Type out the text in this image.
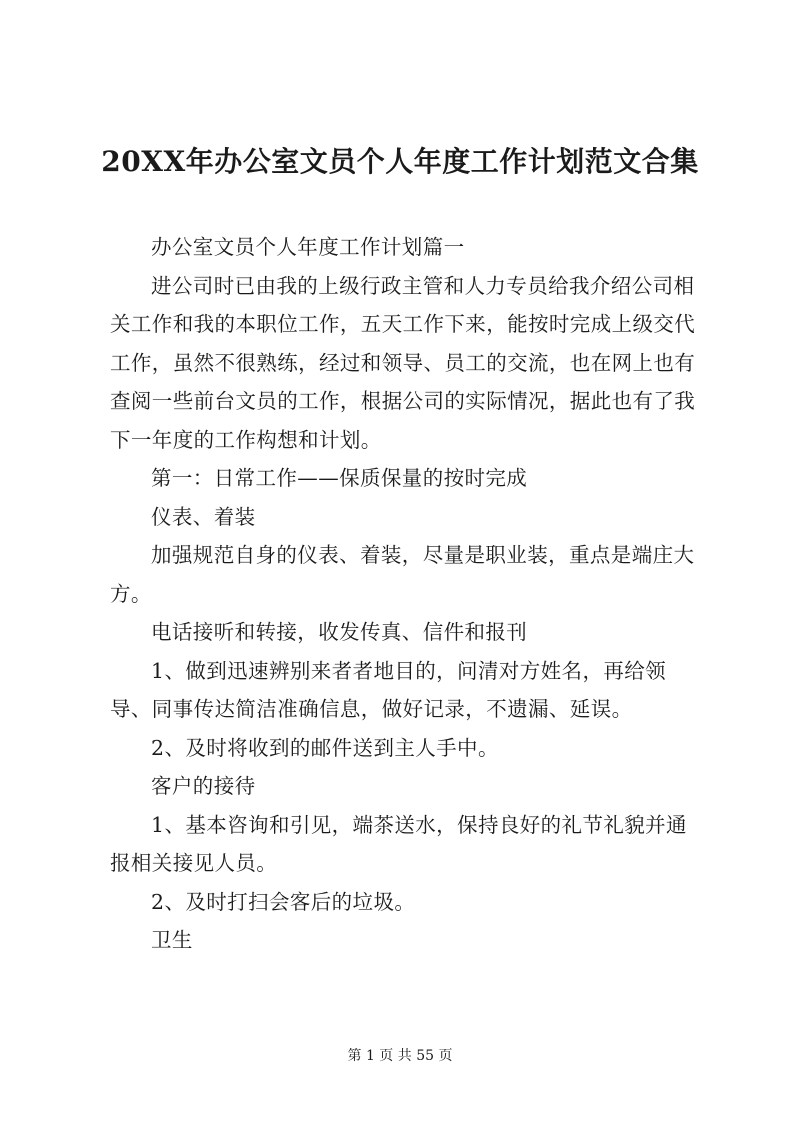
20XX年办公室文员个人年度工作计划范文合集

办公室文员个人年度工作计划篇一

进公司时已由我的上级行政主管和人力专员给我介绍公司相关工作和我的本职位工作，五天工作下来，能按时完成上级交代工作，虽然不很熟练，经过和领导、员工的交流，也在网上也有查阅一些前台文员的工作，根据公司的实际情况，据此也有了我下一年度的工作构想和计划。

第一：日常工作——保质保量的按时完成

仪表、着装

加强规范自身的仪表、着装，尽量是职业装，重点是端庄大方。

电话接听和转接，收发传真、信件和报刊

1、做到迅速辨别来者者地目的，问清对方姓名，再给领导、同事传达简洁准确信息，做好记录，不遗漏、延误。

2、及时将收到的邮件送到主人手中。

客户的接待

1、基本咨询和引见，端茶送水，保持良好的礼节礼貌并通报相关接见人员。

2、及时打扫会客后的垃圾。

卫生

第 1 页 共 55 页
